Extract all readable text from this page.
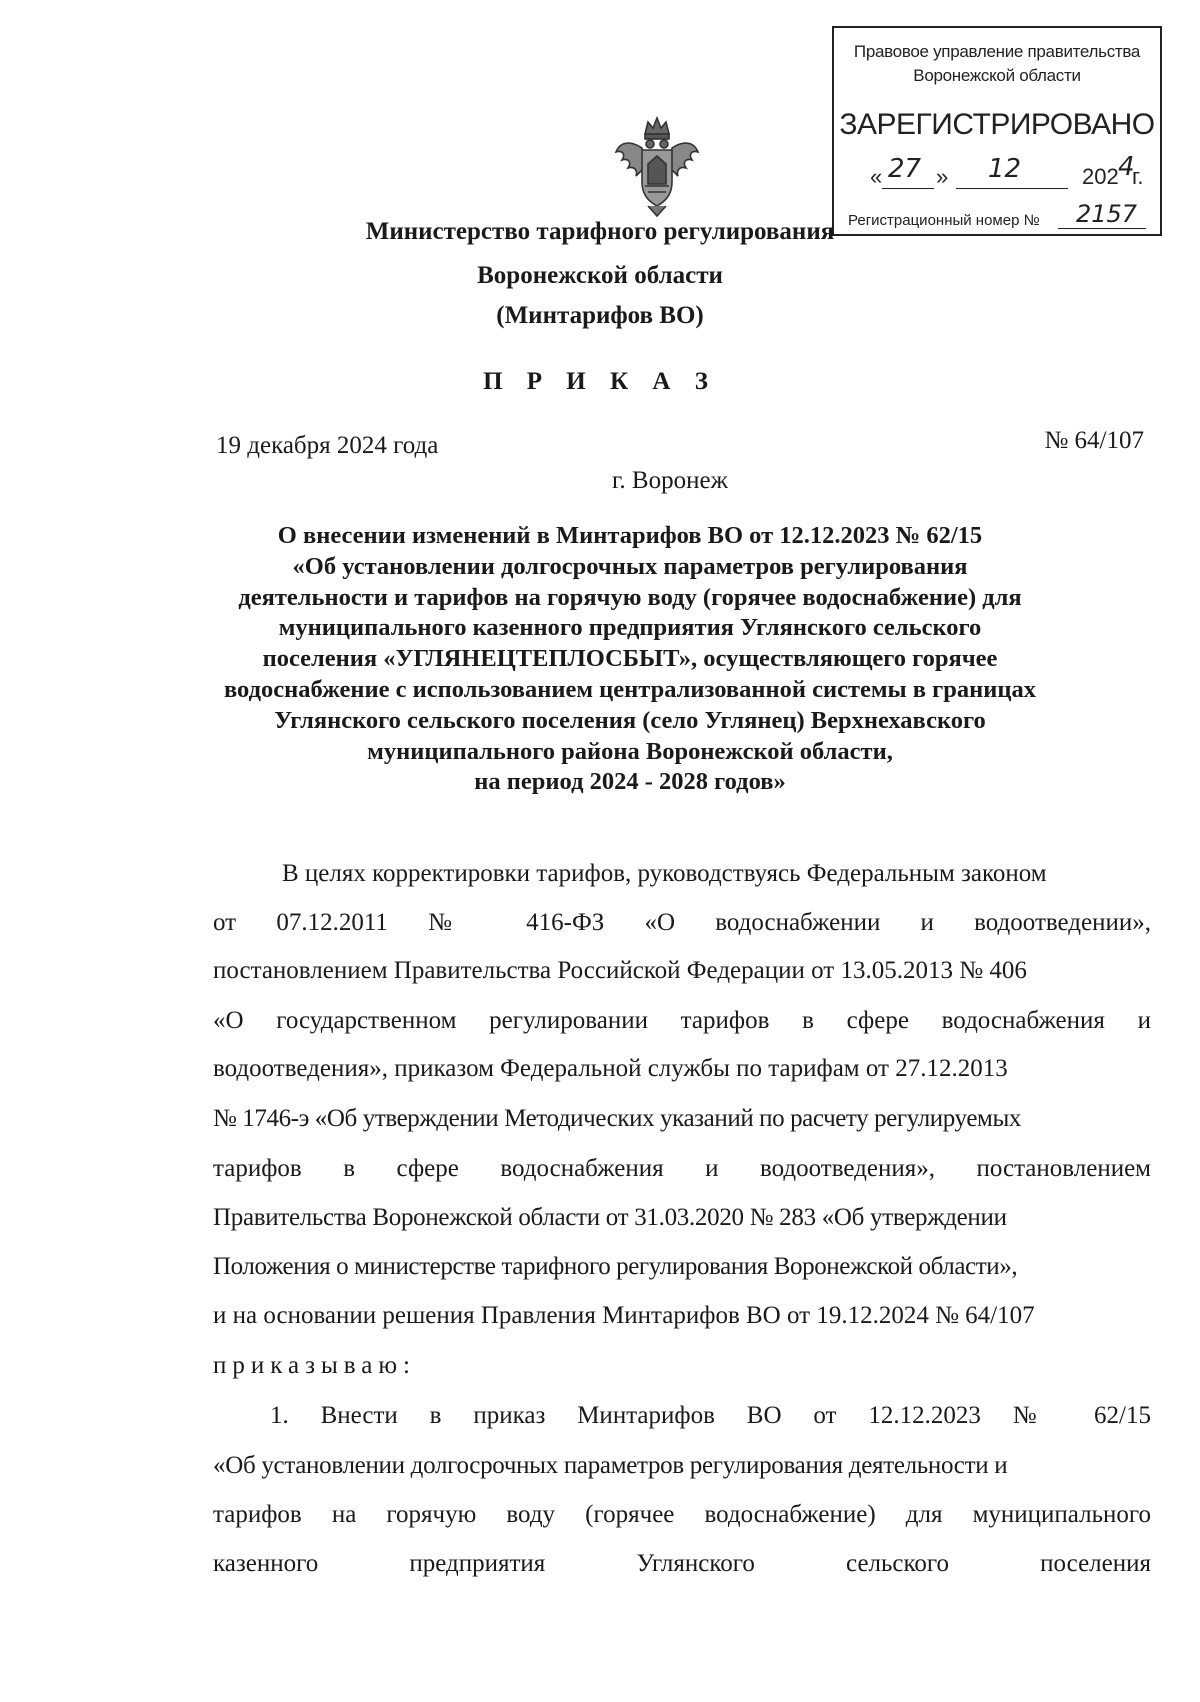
Правовое управление правительства
Воронежской области
ЗАРЕГИСТРИРОВАНО
« 27 » 12	202 4
г.
Регистрационный номер № 2157
Министерство тарифного регулирования
Воронежской области
(Минтарифов ВО)
П Р И К А З
19 декабря 2024 года	№ 64/107
г. Воронеж
О внесении изменений в Минтарифов ВО от 12.12.2023 № 62/15
«Об установлении долгосрочных параметров регулирования
деятельности и тарифов на горячую воду (горячее водоснабжение) для
муниципального казенного предприятия Углянского сельского
поселения «УГЛЯНЕЦТЕПЛОСБЫТ», осуществляющего горячее
водоснабжение с использованием централизованной системы в границах
Углянского сельского поселения (село Углянец) Верхнехавского
муниципального района Воронежской области,
на период 2024 - 2028 годов»
В целях корректировки тарифов, руководствуясь Федеральным законом
от 07.12.2011 № 416-ФЗ «О водоснабжении и водоотведении»,
постановлением Правительства Российской Федерации от 13.05.2013 № 406
«О государственном регулировании тарифов в сфере водоснабжения и
водоотведения», приказом Федеральной службы по тарифам от 27.12.2013
№ 1746-э «Об утверждении Методических указаний по расчету регулируемых
тарифов в сфере водоснабжения и водоотведения», постановлением
Правительства Воронежской области от 31.03.2020 № 283 «Об утверждении
Положения о министерстве тарифного регулирования Воронежской области»,
и на основании решения Правления Минтарифов ВО от 19.12.2024 № 64/107
приказываю:
1. Внести в приказ Минтарифов ВО от 12.12.2023 № 62/15
«Об установлении долгосрочных параметров регулирования деятельности и
тарифов на горячую воду (горячее водоснабжение) для муниципального
казенного предприятия Углянского сельского поселения
